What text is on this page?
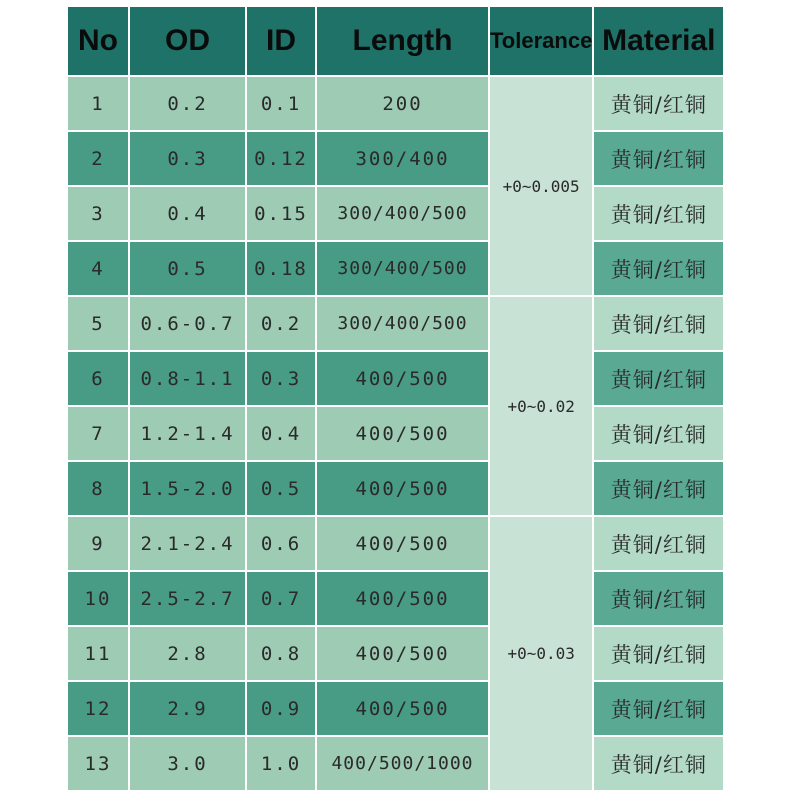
No	OD	ID	Length	Tolerance	Material
1	0.2	0.1	200	+0~0.005	黄铜/红铜
2	0.3	0.12	300/400		黄铜/红铜
3	0.4	0.15	300/400/500		黄铜/红铜
4	0.5	0.18	300/400/500		黄铜/红铜
5	0.6-0.7	0.2	300/400/500	+0~0.02	黄铜/红铜
6	0.8-1.1	0.3	400/500		黄铜/红铜
7	1.2-1.4	0.4	400/500		黄铜/红铜
8	1.5-2.0	0.5	400/500		黄铜/红铜
9	2.1-2.4	0.6	400/500	+0~0.03	黄铜/红铜
10	2.5-2.7	0.7	400/500		黄铜/红铜
11	2.8	0.8	400/500		黄铜/红铜
12	2.9	0.9	400/500		黄铜/红铜
13	3.0	1.0	400/500/1000		黄铜/红铜
